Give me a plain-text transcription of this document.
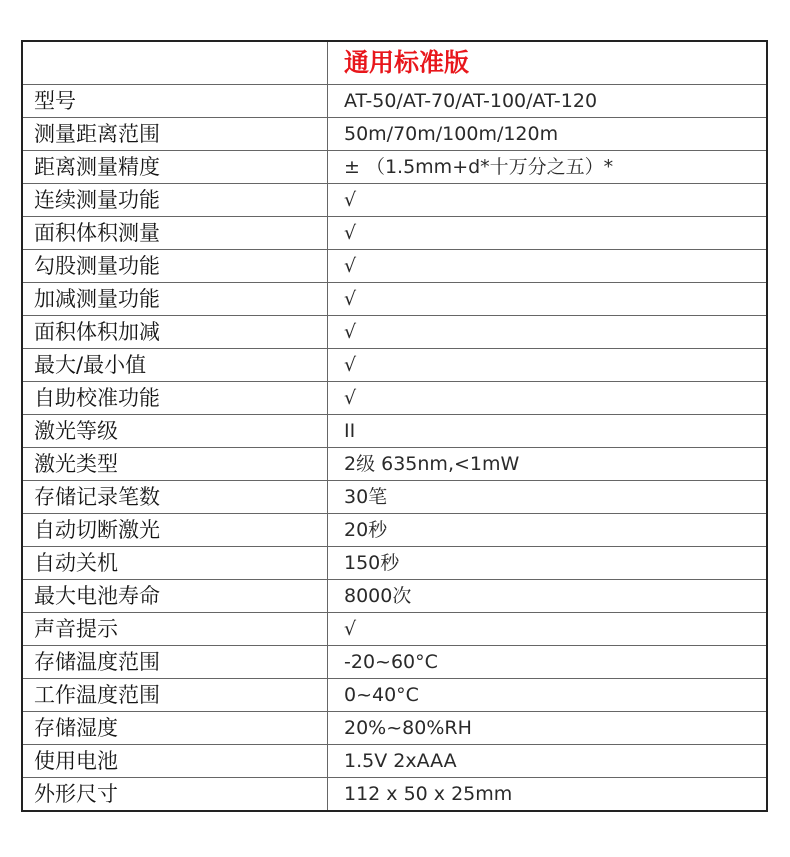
	通用标准版
型号	AT-50/AT-70/AT-100/AT-120
测量距离范围	50m/70m/100m/120m
距离测量精度	± （1.5mm+d*十万分之五）*
连续测量功能	√
面积体积测量	√
勾股测量功能	√
加减测量功能	√
面积体积加减	√
最大/最小值	√
自助校准功能	√
激光等级	II
激光类型	2级 635nm,<1mW
存储记录笔数	30笔
自动切断激光	20秒
自动关机	150秒
最大电池寿命	8000次
声音提示	√
存储温度范围	-20~60°C
工作温度范围	0~40°C
存储湿度	20%~80%RH
使用电池	1.5V 2xAAA
外形尺寸	112 x 50 x 25mm
